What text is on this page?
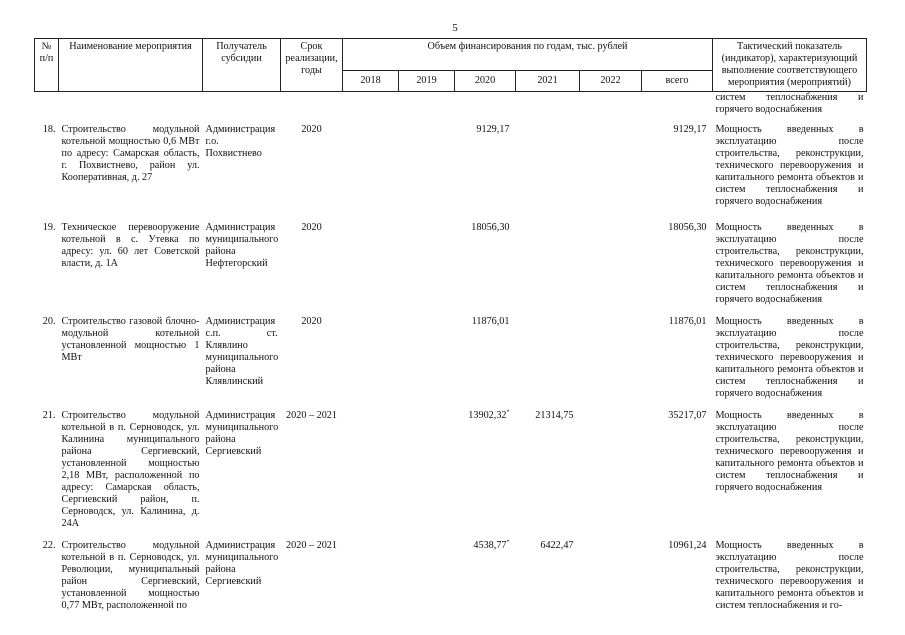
5
№ п/п	Наименование мероприятия	Получатель субсидии	Срок реализации, годы	Объем финансирования по годам, тыс. рублей						Тактический показатель (индикатор), характеризующий выполнение соответствующего мероприятия (мероприятий)
				2018	2019	2020	2021	2022	всего	
										систем теплоснабжения и горячего водоснабжения
18.	Строительство модульной котельной мощностью 0,6 МВт по адресу: Самарская область, г. Похвистнево, район ул. Кооперативная, д. 27	Администрация г.о. Похвистнево	2020			9129,17			9129,17	Мощность введенных в эксплуатацию после строительства, реконструкции, технического перевооружения и капитального ремонта объектов и систем теплоснабжения и горячего водоснабжения
19.	Техническое перевооружение котельной в с. Утевка по адресу: ул. 60 лет Советской власти, д. 1А	Администрация муниципального района Нефтегорский	2020			18056,30			18056,30	Мощность введенных в эксплуатацию после строительства, реконструкции, технического перевооружения и капитального ремонта объектов и систем теплоснабжения и горячего водоснабжения
20.	Строительство газовой блочно-модульной котельной установленной мощностью 1 МВт	Администрация с.п. ст. Клявлино муниципального района Клявлинский	2020			11876,01			11876,01	Мощность введенных в эксплуатацию после строительства, реконструкции, технического перевооружения и капитального ремонта объектов и систем теплоснабжения и горячего водоснабжения
21.	Строительство модульной котельной в п. Серноводск, ул. Калинина муниципального района Сергиевский, установленной мощностью 2,18 МВт, расположенной по адресу: Самарская область, Сергиевский район, п. Серноводск, ул. Калинина, д. 24А	Администрация муниципального района Сергиевский	2020 – 2021			13902,32*	21314,75		35217,07	Мощность введенных в эксплуатацию после строительства, реконструкции, технического перевооружения и капитального ремонта объектов и систем теплоснабжения и горячего водоснабжения
22.	Строительство модульной котельной в п. Серноводск, ул. Революции, муниципальный район Сергиевский, установленной мощностью 0,77 МВт, расположенной по	Администрация муниципального района Сергиевский	2020 – 2021			4538,77*	6422,47		10961,24	Мощность введенных в эксплуатацию после строительства, реконструкции, технического перевооружения и капитального ремонта объектов и систем теплоснабжения и го-
